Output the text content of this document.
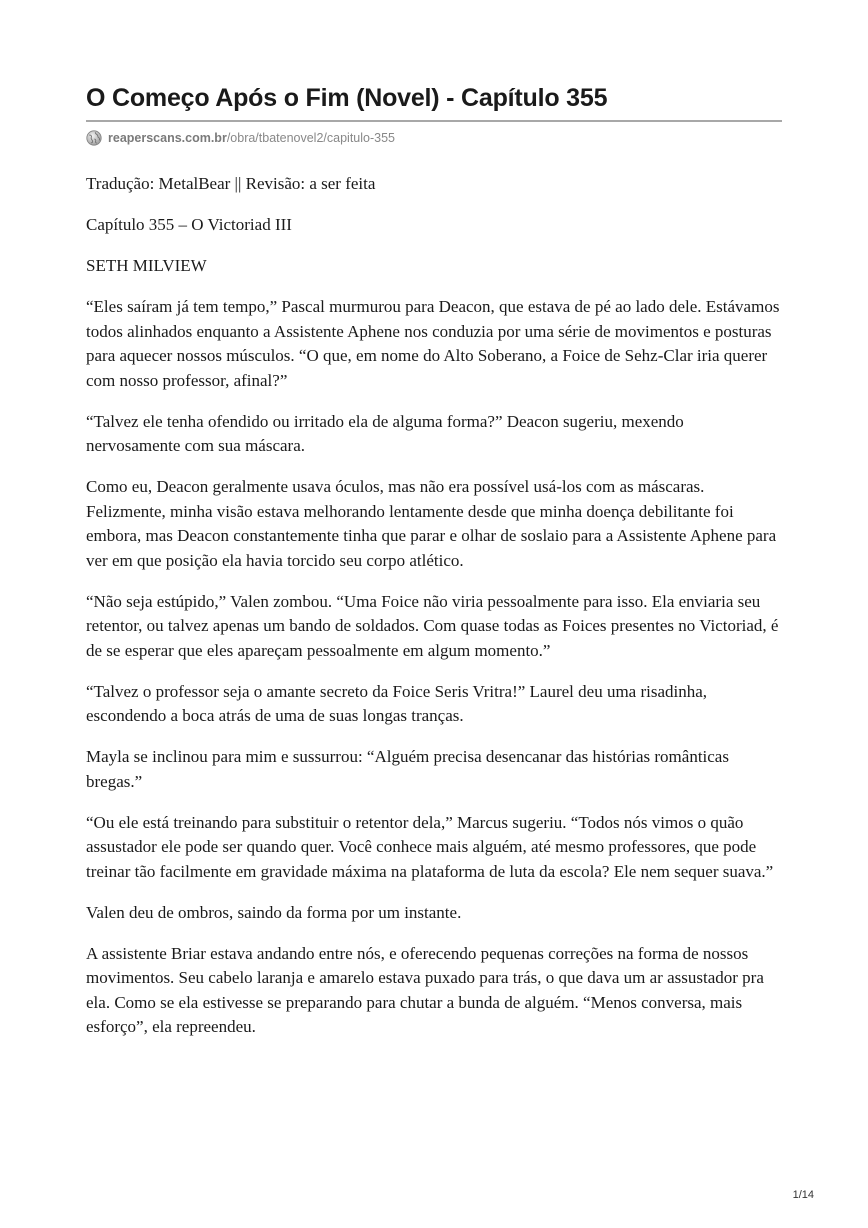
O Começo Após o Fim (Novel) - Capítulo 355
reaperscans.com.br /obra/tbatenovel2/capitulo-355

Tradução: MetalBear || Revisão: a ser feita

Capítulo 355 – O Victoriad III

SETH MILVIEW

“Eles saíram já tem tempo,” Pascal murmurou para Deacon, que estava de pé ao lado dele. Estávamos todos alinhados enquanto a Assistente Aphene nos conduzia por uma série de movimentos e posturas para aquecer nossos músculos. “O que, em nome do Alto Soberano, a Foice de Sehz-Clar iria querer com nosso professor, afinal?”

“Talvez ele tenha ofendido ou irritado ela de alguma forma?” Deacon sugeriu, mexendo nervosamente com sua máscara.

Como eu, Deacon geralmente usava óculos, mas não era possível usá-los com as máscaras. Felizmente, minha visão estava melhorando lentamente desde que minha doença debilitante foi embora, mas Deacon constantemente tinha que parar e olhar de soslaio para a Assistente Aphene para ver em que posição ela havia torcido seu corpo atlético.

“Não seja estúpido,” Valen zombou. “Uma Foice não viria pessoalmente para isso. Ela enviaria seu retentor, ou talvez apenas um bando de soldados. Com quase todas as Foices presentes no Victoriad, é de se esperar que eles apareçam pessoalmente em algum momento.”

“Talvez o professor seja o amante secreto da Foice Seris Vritra!” Laurel deu uma risadinha, escondendo a boca atrás de uma de suas longas tranças.

Mayla se inclinou para mim e sussurrou: “Alguém precisa desencanar das histórias românticas bregas.”

“Ou ele está treinando para substituir o retentor dela,” Marcus sugeriu. “Todos nós vimos o quão assustador ele pode ser quando quer. Você conhece mais alguém, até mesmo professores, que pode treinar tão facilmente em gravidade máxima na plataforma de luta da escola? Ele nem sequer suava.”

Valen deu de ombros, saindo da forma por um instante.

A assistente Briar estava andando entre nós, e oferecendo pequenas correções na forma de nossos movimentos. Seu cabelo laranja e amarelo estava puxado para trás, o que dava um ar assustador pra ela. Como se ela estivesse se preparando para chutar a bunda de alguém. “Menos conversa, mais esforço”, ela repreendeu.

1/14
